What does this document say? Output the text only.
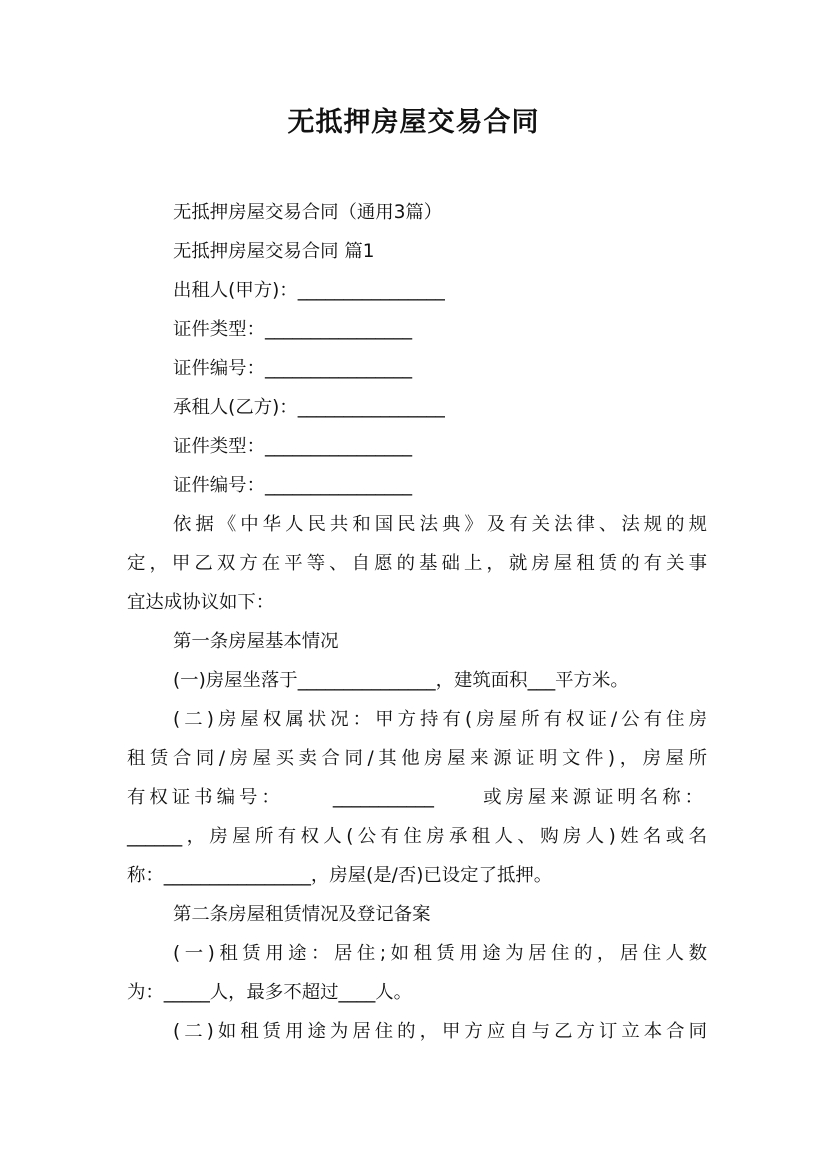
无抵押房屋交易合同
无抵押房屋交易合同（通用3篇）
无抵押房屋交易合同 篇1
出租人(甲方)：________________
证件类型：________________
证件编号：________________
承租人(乙方)：________________
证件类型：________________
证件编号：________________
依据《中华人民共和国民法典》及有关法律、法规的规
定，甲乙双方在平等、自愿的基础上，就房屋租赁的有关事
宜达成协议如下：
第一条房屋基本情况
(一)房屋坐落于_______________，建筑面积___平方米。
(二)房屋权属状况：甲方持有(房屋所有权证/公有住房
租赁合同/房屋买卖合同/其他房屋来源证明文件)，房屋所
有权证书编号：	___________	或房屋来源证明名称：
______，房屋所有权人(公有住房承租人、购房人)姓名或名
称：________________，房屋(是/否)已设定了抵押。
第二条房屋租赁情况及登记备案
(一)租赁用途：居住;如租赁用途为居住的，居住人数
为：_____人，最多不超过____人。
(二)如租赁用途为居住的，甲方应自与乙方订立本合同
